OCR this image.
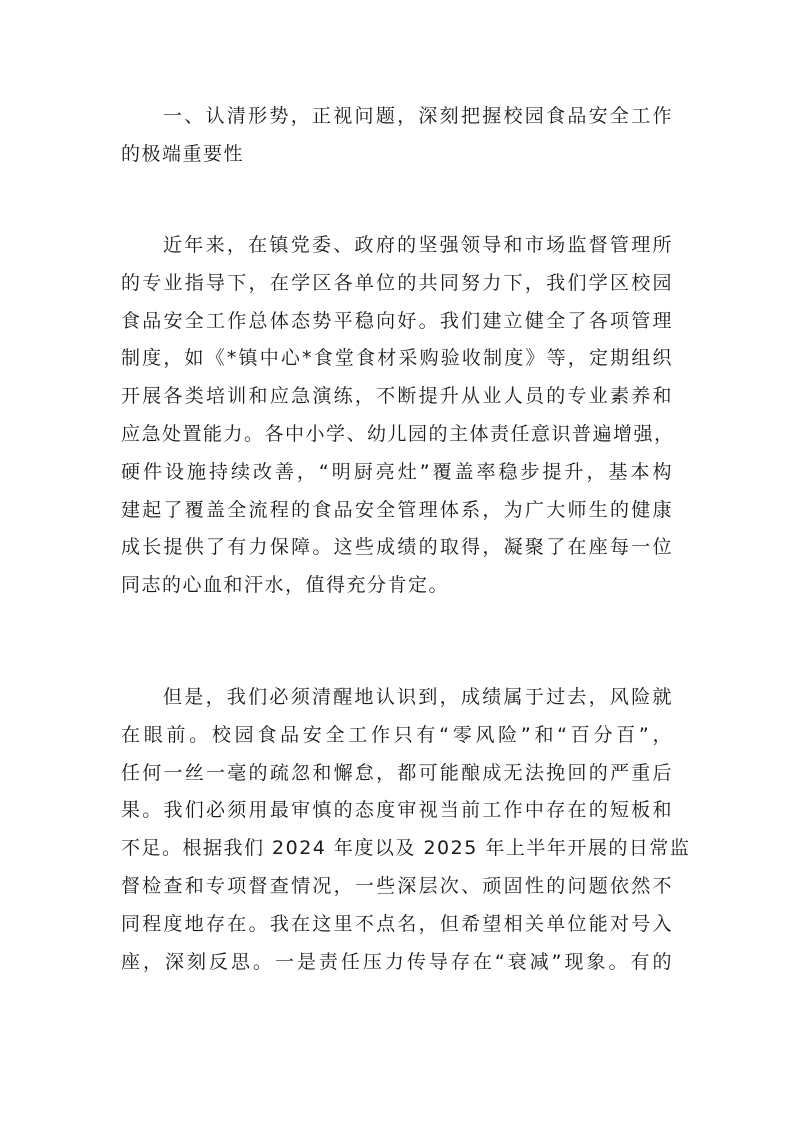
一、认清形势，正视问题，深刻把握校园食品安全工作
的极端重要性
近年来，在镇党委、政府的坚强领导和市场监督管理所
的专业指导下，在学区各单位的共同努力下，我们学区校园
食品安全工作总体态势平稳向好。我们建立健全了各项管理
制度，如《*镇中心*食堂食材采购验收制度》等，定期组织
开展各类培训和应急演练，不断提升从业人员的专业素养和
应急处置能力。各中小学、幼儿园的主体责任意识普遍增强，
硬件设施持续改善，“明厨亮灶”覆盖率稳步提升，基本构
建起了覆盖全流程的食品安全管理体系，为广大师生的健康
成长提供了有力保障。这些成绩的取得，凝聚了在座每一位
同志的心血和汗水，值得充分肯定。
但是，我们必须清醒地认识到，成绩属于过去，风险就
在眼前。校园食品安全工作只有“零风险”和“百分百”，
任何一丝一毫的疏忽和懈怠，都可能酿成无法挽回的严重后
果。我们必须用最审慎的态度审视当前工作中存在的短板和
不足。根据我们 2024 年度以及 2025 年上半年开展的日常监
督检查和专项督查情况，一些深层次、顽固性的问题依然不
同程度地存在。我在这里不点名，但希望相关单位能对号入
座，深刻反思。一是责任压力传导存在“衰减”现象。有的
